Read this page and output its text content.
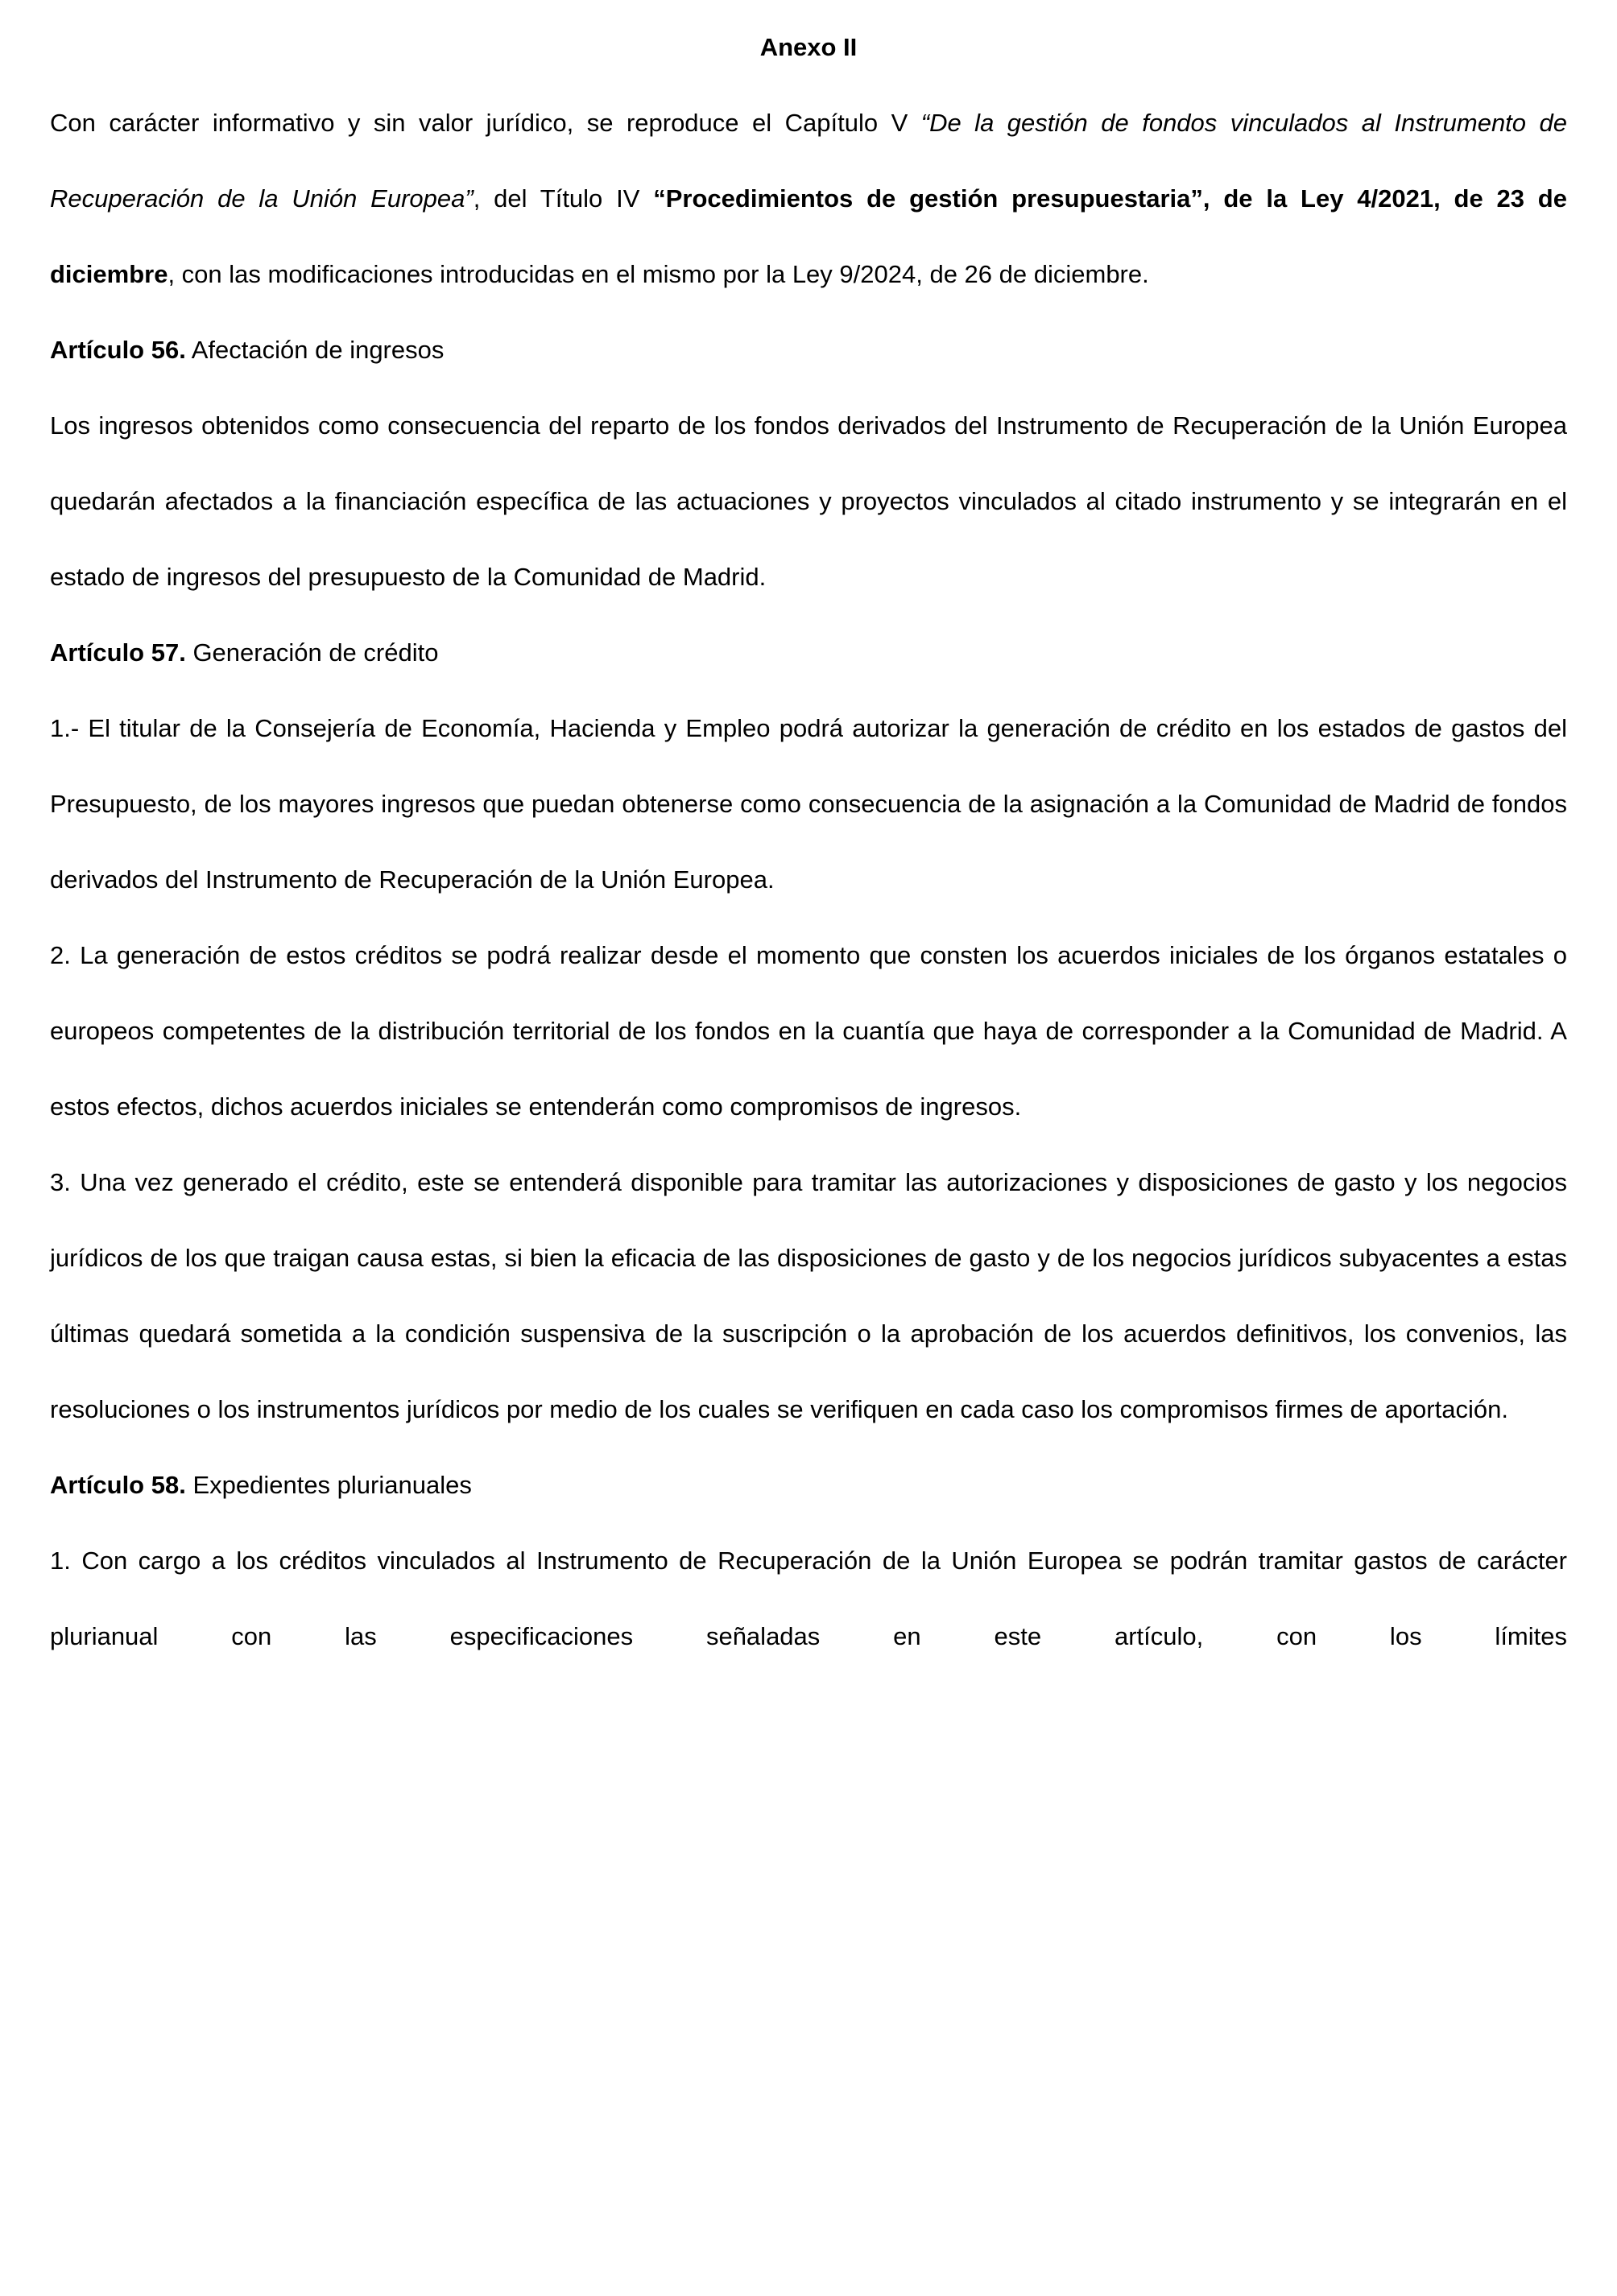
Anexo II

Con carácter informativo y sin valor jurídico, se reproduce el Capítulo V “De la gestión de fondos vinculados al Instrumento de Recuperación de la Unión Europea”, del Título IV “Procedimientos de gestión presupuestaria”, de la Ley 4/2021, de 23 de diciembre, con las modificaciones introducidas en el mismo por la Ley 9/2024, de 26 de diciembre.

Artículo 56. Afectación de ingresos

Los ingresos obtenidos como consecuencia del reparto de los fondos derivados del Instrumento de Recuperación de la Unión Europea quedarán afectados a la financiación específica de las actuaciones y proyectos vinculados al citado instrumento y se integrarán en el estado de ingresos del presupuesto de la Comunidad de Madrid.

Artículo 57. Generación de crédito

1.- El titular de la Consejería de Economía, Hacienda y Empleo podrá autorizar la generación de crédito en los estados de gastos del Presupuesto, de los mayores ingresos que puedan obtenerse como consecuencia de la asignación a la Comunidad de Madrid de fondos derivados del Instrumento de Recuperación de la Unión Europea.

2. La generación de estos créditos se podrá realizar desde el momento que consten los acuerdos iniciales de los órganos estatales o europeos competentes de la distribución territorial de los fondos en la cuantía que haya de corresponder a la Comunidad de Madrid. A estos efectos, dichos acuerdos iniciales se entenderán como compromisos de ingresos.

3. Una vez generado el crédito, este se entenderá disponible para tramitar las autorizaciones y disposiciones de gasto y los negocios jurídicos de los que traigan causa estas, si bien la eficacia de las disposiciones de gasto y de los negocios jurídicos subyacentes a estas últimas quedará sometida a la condición suspensiva de la suscripción o la aprobación de los acuerdos definitivos, los convenios, las resoluciones o los instrumentos jurídicos por medio de los cuales se verifiquen en cada caso los compromisos firmes de aportación.

Artículo 58. Expedientes plurianuales

1. Con cargo a los créditos vinculados al Instrumento de Recuperación de la Unión Europea se podrán tramitar gastos de carácter plurianual con las especificaciones señaladas en este artículo, con los límites
